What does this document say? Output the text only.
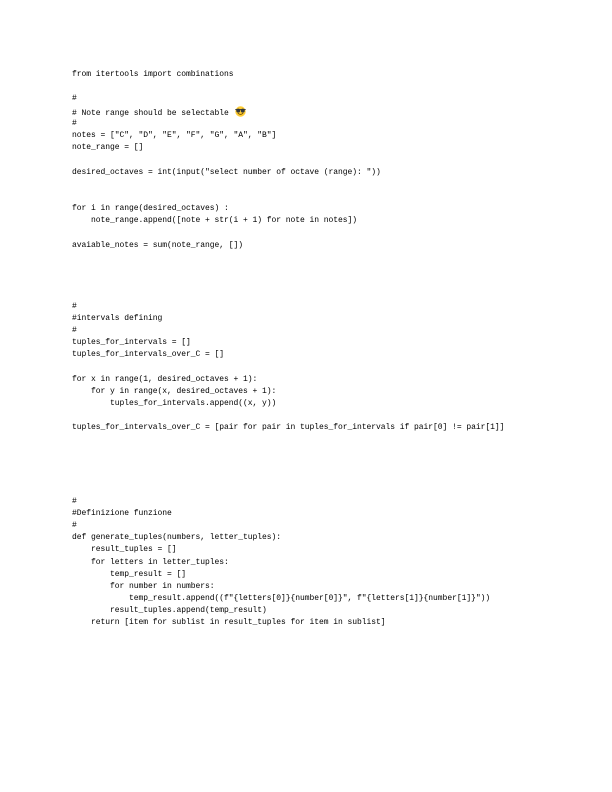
from itertools import combinations
#
# Note range should be selectable
#
notes = ["C", "D", "E", "F", "G", "A", "B"]
note_range = []
desired_octaves = int(input("select number of octave (range): "))
for i in range(desired_octaves) :
note_range.append([note + str(i + 1) for note in notes])
avaiable_notes = sum(note_range, [])
#
#intervals defining
#
tuples_for_intervals = []
tuples_for_intervals_over_C = []
for x in range(1, desired_octaves + 1):
for y in range(x, desired_octaves + 1):
tuples_for_intervals.append((x, y))
tuples_for_intervals_over_C = [pair for pair in tuples_for_intervals if pair[0] != pair[1]]
#
#Definizione funzione
#
def generate_tuples(numbers, letter_tuples):
result_tuples = []
for letters in letter_tuples:
temp_result = []
for number in numbers:
temp_result.append((f"{letters[0]}{number[0]}", f"{letters[1]}{number[1]}"))
result_tuples.append(temp_result)
return [item for sublist in result_tuples for item in sublist]
